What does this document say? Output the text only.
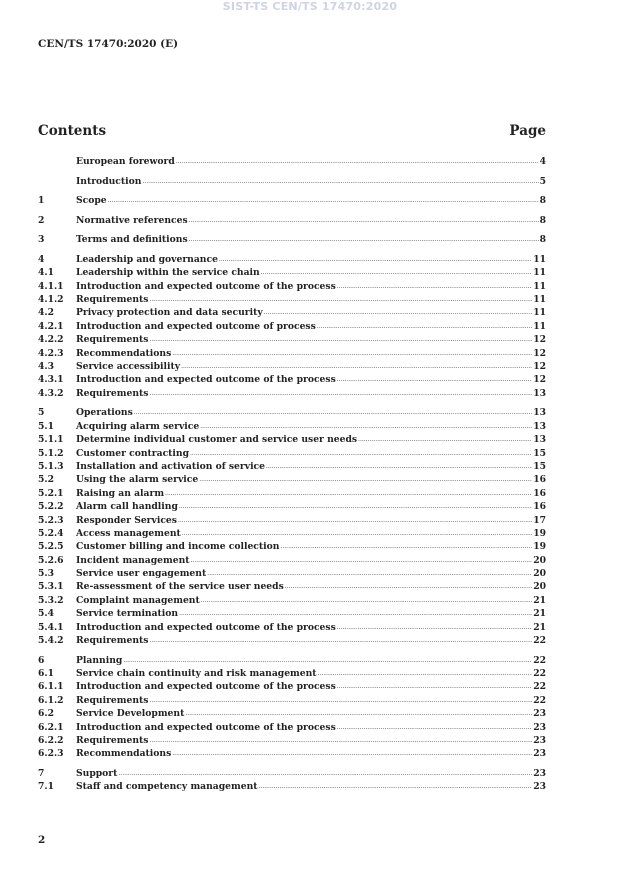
SIST-TS CEN/TS 17470:2020
CEN/TS 17470:2020 (E)
Contents	Page
European foreword .....	4
Introduction .....	5
1	Scope .....	8
2	Normative references .....	8
3	Terms and definitions .....	8
4	Leadership and governance .....	11
4.1	Leadership within the service chain .....	11
4.1.1	Introduction and expected outcome of the process .....	11
4.1.2	Requirements .....	11
4.2	Privacy protection and data security .....	11
4.2.1	Introduction and expected outcome of process .....	11
4.2.2	Requirements .....	12
4.2.3	Recommendations .....	12
4.3	Service accessibility .....	12
4.3.1	Introduction and expected outcome of the process .....	12
4.3.2	Requirements .....	13
5	Operations .....	13
5.1	Acquiring alarm service .....	13
5.1.1	Determine individual customer and service user needs .....	13
5.1.2	Customer contracting .....	15
5.1.3	Installation and activation of service .....	15
5.2	Using the alarm service .....	16
5.2.1	Raising an alarm .....	16
5.2.2	Alarm call handling .....	16
5.2.3	Responder Services .....	17
5.2.4	Access management .....	19
5.2.5	Customer billing and income collection .....	19
5.2.6	Incident management .....	20
5.3	Service user engagement .....	20
5.3.1	Re-assessment of the service user needs .....	20
5.3.2	Complaint management .....	21
5.4	Service termination .....	21
5.4.1	Introduction and expected outcome of the process .....	21
5.4.2	Requirements .....	22
6	Planning .....	22
6.1	Service chain continuity and risk management .....	22
6.1.1	Introduction and expected outcome of the process .....	22
6.1.2	Requirements .....	22
6.2	Service Development .....	23
6.2.1	Introduction and expected outcome of the process .....	23
6.2.2	Requirements .....	23
6.2.3	Recommendations .....	23
7	Support .....	23
7.1	Staff and competency management .....	23
2
